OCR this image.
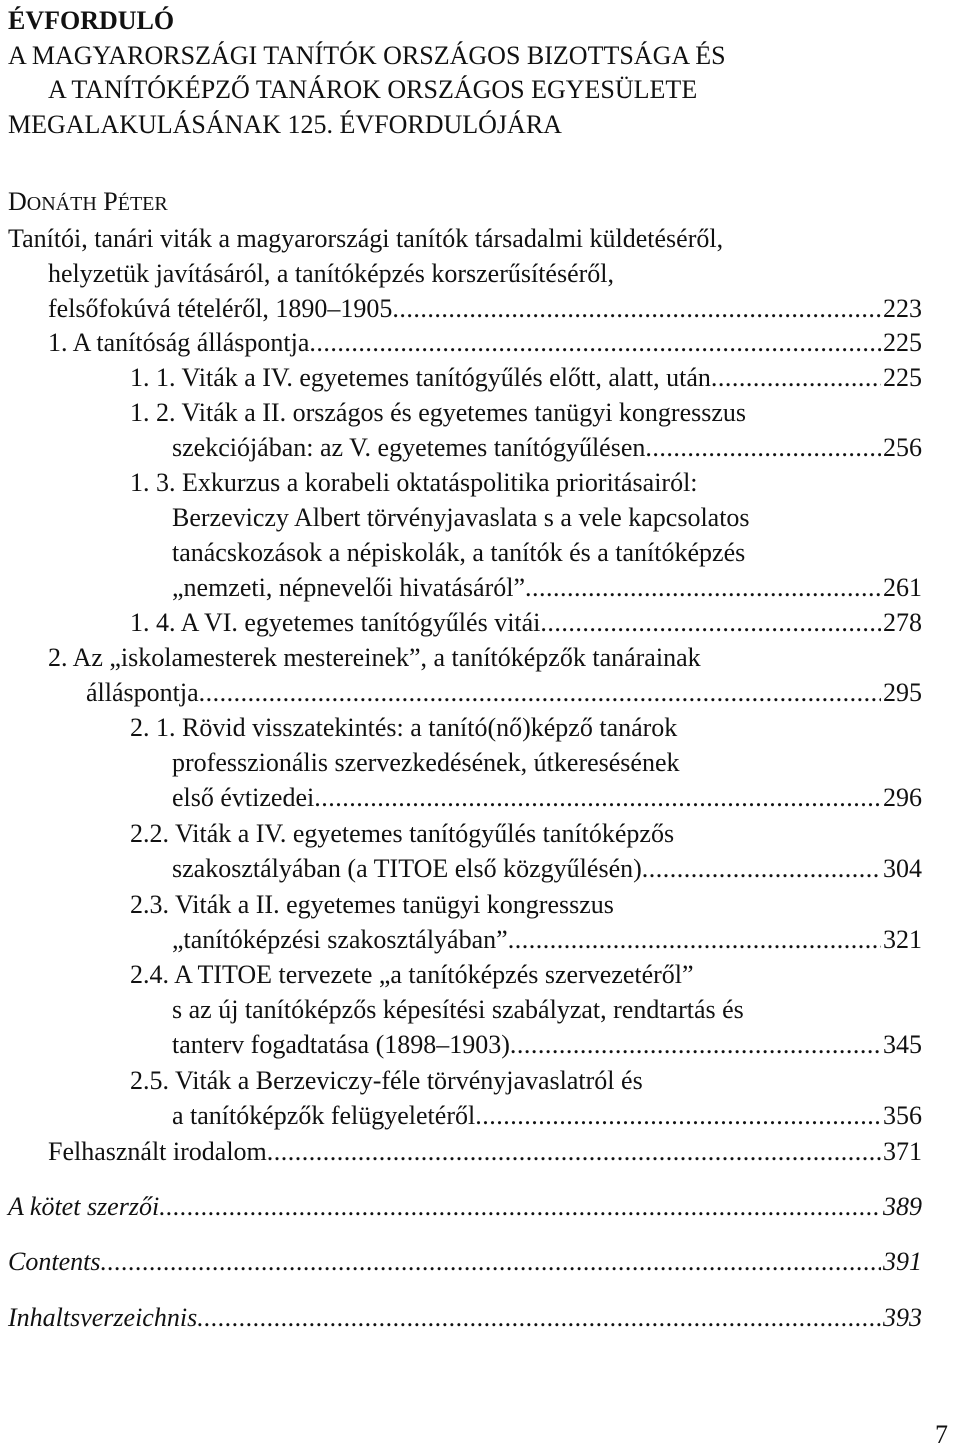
ÉVFORDULÓ
A MAGYARORSZÁGI TANÍTÓK ORSZÁGOS BIZOTTSÁGA ÉS
A TANÍTÓKÉPZŐ TANÁROK ORSZÁGOS EGYESÜLETE
MEGALAKULÁSÁNAK 125. ÉVFORDULÓJÁRA
DONÁTH PÉTER
Tanítói, tanári viták a magyarországi tanítók társadalmi küldetéséről,
helyzetük javításáról, a tanítóképzés korszerűsítéséről,
felsőfokúvá tételéről, 1890–1905 . . .	223
1. A tanítóság álláspontja . . .	225
1. 1. Viták a IV. egyetemes tanítógyűlés előtt, alatt, után . . .	225
1. 2. Viták a II. országos és egyetemes tanügyi kongresszus
szekciójában: az V. egyetemes tanítógyűlésen . . .	256
1. 3. Exkurzus a korabeli oktatáspolitika prioritásairól:
Berzeviczy Albert törvényjavaslata s a vele kapcsolatos
tanácskozások a népiskolák, a tanítók és a tanítóképzés
„nemzeti, népnevelői hivatásáról” . . .	261
1. 4. A VI. egyetemes tanítógyűlés vitái . . .	278
2. Az „iskolamesterek mestereinek”, a tanítóképzők tanárainak
álláspontja . . .	295
2. 1. Rövid visszatekintés: a tanító(nő)képző tanárok
professzionális szervezkedésének, útkeresésének
első évtizedei . . .	296
2.2. Viták a IV. egyetemes tanítógyűlés tanítóképzős
szakosztályában (a TITOE első közgyűlésén) . . .	304
2.3. Viták a II. egyetemes tanügyi kongresszus
„tanítóképzési szakosztályában” . . .	321
2.4. A TITOE tervezete „a tanítóképzés szervezetéről”
s az új tanítóképzős képesítési szabályzat, rendtartás és
tanterv fogadtatása (1898–1903) . . .	345
2.5. Viták a Berzeviczy-féle törvényjavaslatról és
a tanítóképzők felügyeletéről . . .	356
Felhasznált irodalom . . .	371
A kötet szerzői . . .	389
Contents . . .	391
Inhaltsverzeichnis . . .	393
7
